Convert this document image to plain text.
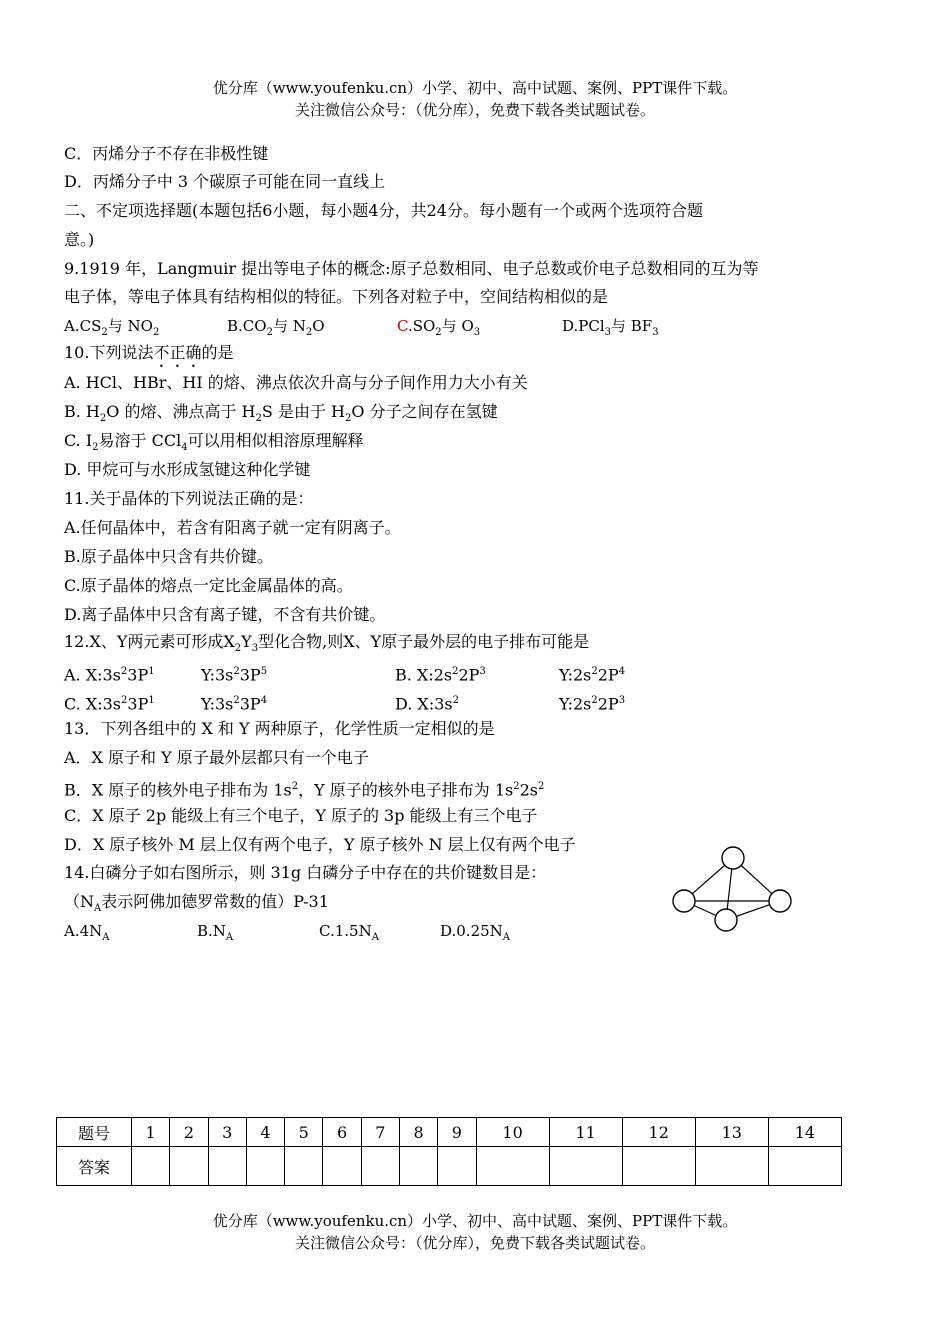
优分库（www.youfenku.cn）小学、初中、高中试题、案例、PPT课件下载。
关注微信公众号：（优分库），免费下载各类试题试卷。
C．丙烯分子不存在非极性键
D．丙烯分子中 3 个碳原子可能在同一直线上
二、不定项选择题(本题包括6小题，每小题4分，共24分。每小题有一个或两个选项符合题
意。)
9.1919 年，Langmuir 提出等电子体的概念:原子总数相同、电子总数或价电子总数相同的互为等
电子体，等电子体具有结构相似的特征。下列各对粒子中，空间结构相似的是
$A.CS_2$与 $NO_2$	$B.CO_2$与 $N_2O$	$C.SO_2$与 $O_3$	D.PCl$_3$与 $BF_3$
10.下列说法不正确的是
A. HCl、HBr、HI 的熔、沸点依次升高与分子间作用力大小有关
B. $H_2O$ 的熔、沸点高于 $H_2S$ 是由于 $H_2O$ 分子之间存在氢键
C. $I_2$易溶于 CCl$_4$可以用相似相溶原理解释
D. 甲烷可与水形成氢键这种化学键
11.关于晶体的下列说法正确的是：
A.任何晶体中，若含有阳离子就一定有阴离子。
B.原子晶体中只含有共价键。
C.原子晶体的熔点一定比金属晶体的高。
D.离子晶体中只含有离子键，不含有共价键。
12.X、Y两元素可形成$X_2Y_3$型化合物,则X、Y原子最外层的电子排布可能是
A. $X:3s^23P^1$	$Y:3s^23P^5$	B. $X:2s^22P^3$	$Y:2s^22P^4$
C. $X:3s^23P^1$	$Y:3s^23P^4$	D. $X:3s^2$	$Y:2s^22P^3$
13．下列各组中的 X 和 Y 两种原子，化学性质一定相似的是
A．X 原子和 Y 原子最外层都只有一个电子
B．X 原子的核外电子排布为 $1s^2$，Y 原子的核外电子排布为 $1s^22s^2$
C．X 原子 2p 能级上有三个电子，Y 原子的 3p 能级上有三个电子
D．X 原子核外 M 层上仅有两个电子，Y 原子核外 N 层上仅有两个电子
14.白磷分子如右图所示，则 31g 白磷分子中存在的共价键数目是：
（$N_A$表示阿佛加德罗常数的值）P-31
$A.4N_A$	$B.N_A$	$C.1.5N_A$	$D.0.25N_A$
题号	1	2	3	4	5	6	7	8	9	10	11	12	13	14
答案														
优分库（www.youfenku.cn）小学、初中、高中试题、案例、PPT课件下载。
关注微信公众号：（优分库），免费下载各类试题试卷。
